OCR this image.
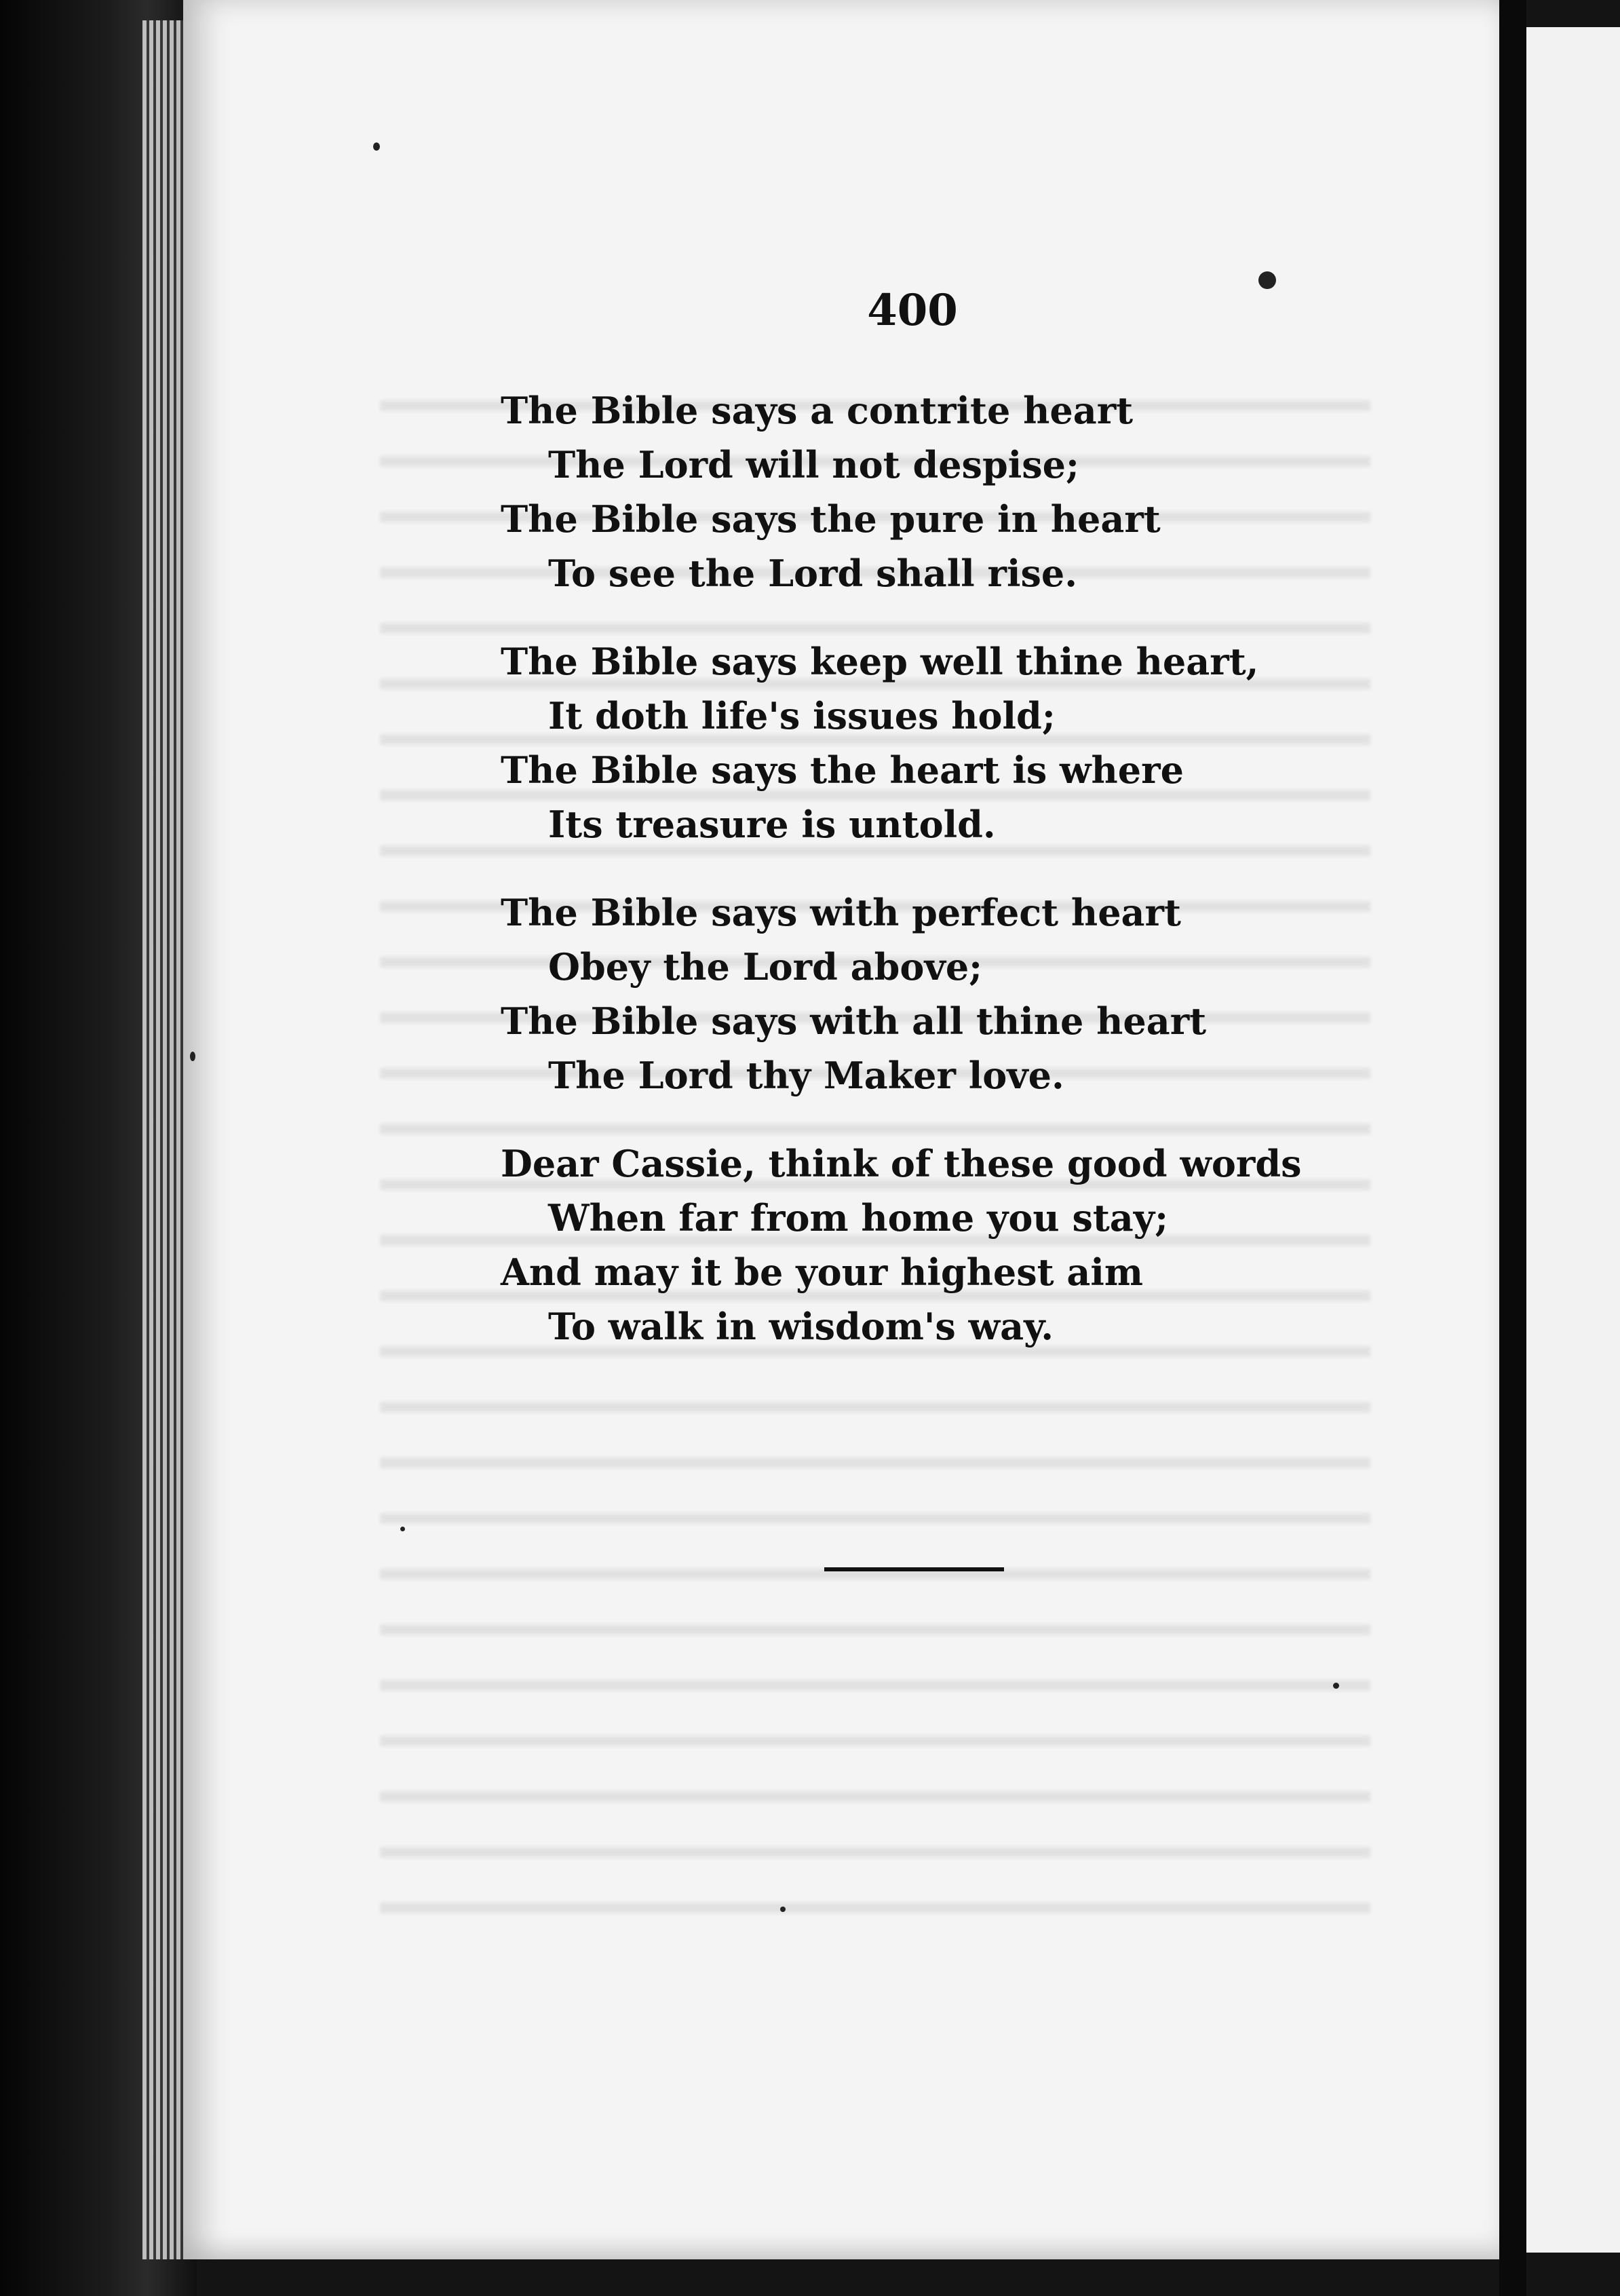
400
The Bible says a contrite heart
The Lord will not despise;
The Bible says the pure in heart
To see the Lord shall rise.
The Bible says keep well thine heart,
It doth life's issues hold;
The Bible says the heart is where
Its treasure is untold.
The Bible says with perfect heart
Obey the Lord above;
The Bible says with all thine heart
The Lord thy Maker love.
Dear Cassie, think of these good words
When far from home you stay;
And may it be your highest aim
To walk in wisdom's way.
